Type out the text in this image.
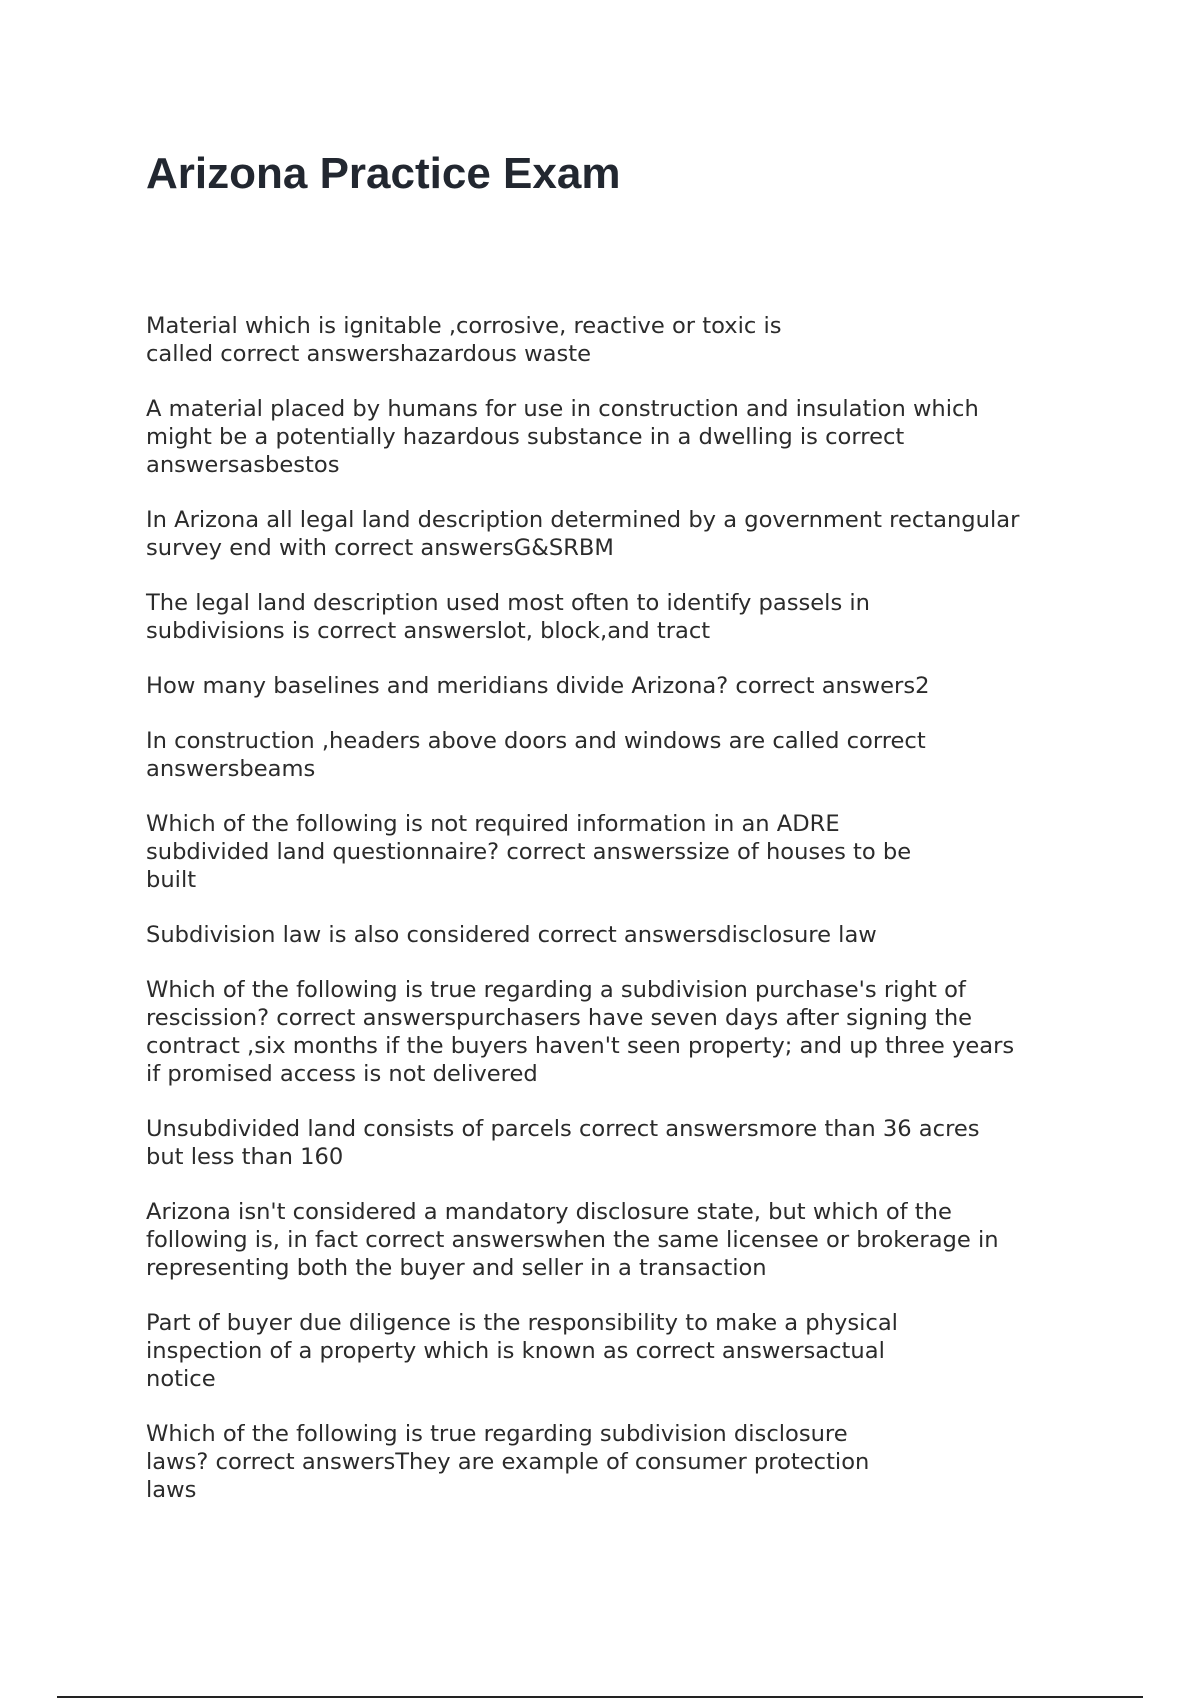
Arizona Practice Exam
Material which is ignitable ,corrosive, reactive or toxic is
called correct answershazardous waste
A material placed by humans for use in construction and insulation which
might be a potentially hazardous substance in a dwelling is correct
answersasbestos
In Arizona all legal land description determined by a government rectangular
survey end with correct answersG&SRBM
The legal land description used most often to identify passels in
subdivisions is correct answerslot, block,and tract
How many baselines and meridians divide Arizona? correct answers2
In construction ,headers above doors and windows are called correct
answersbeams
Which of the following is not required information in an ADRE
subdivided land questionnaire? correct answerssize of houses to be
built
Subdivision law is also considered correct answersdisclosure law
Which of the following is true regarding a subdivision purchase's right of
rescission? correct answerspurchasers have seven days after signing the
contract ,six months if the buyers haven't seen property; and up three years
if promised access is not delivered
Unsubdivided land consists of parcels correct answersmore than 36 acres
but less than 160
Arizona isn't considered a mandatory disclosure state, but which of the
following is, in fact correct answerswhen the same licensee or brokerage in
representing both the buyer and seller in a transaction
Part of buyer due diligence is the responsibility to make a physical
inspection of a property which is known as correct answersactual
notice
Which of the following is true regarding subdivision disclosure
laws? correct answersThey are example of consumer protection
laws
